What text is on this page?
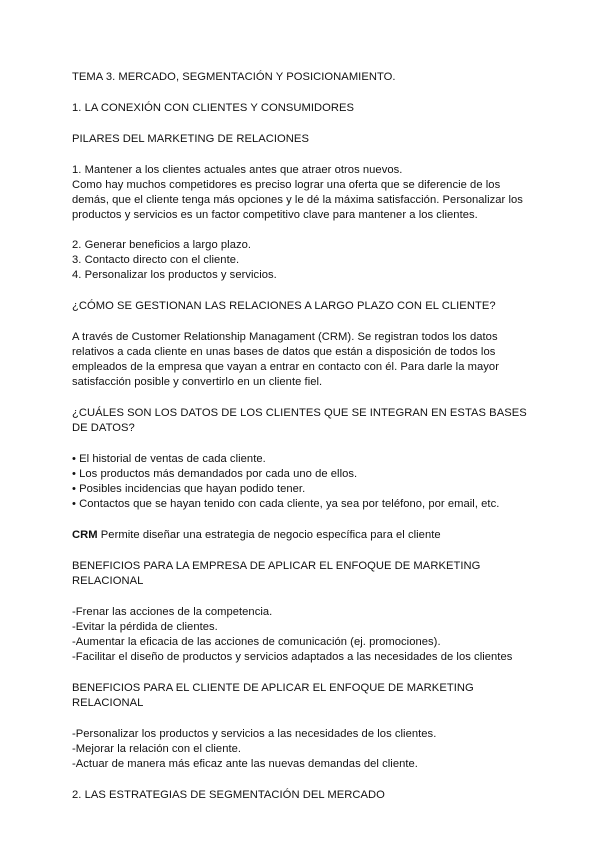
TEMA 3. MERCADO, SEGMENTACIÓN Y POSICIONAMIENTO.

1. LA CONEXIÓN CON CLIENTES Y CONSUMIDORES

PILARES DEL MARKETING DE RELACIONES

1. Mantener a los clientes actuales antes que atraer otros nuevos.
Como hay muchos competidores es preciso lograr una oferta que se diferencie de los
demás, que el cliente tenga más opciones y le dé la máxima satisfacción. Personalizar los
productos y servicios es un factor competitivo clave para mantener a los clientes.
2. Generar beneficios a largo plazo.
3. Contacto directo con el cliente.
4. Personalizar los productos y servicios.

¿CÓMO SE GESTIONAN LAS RELACIONES A LARGO PLAZO CON EL CLIENTE?

A través de Customer Relationship Managament (CRM). Se registran todos los datos
relativos a cada cliente en unas bases de datos que están a disposición de todos los
empleados de la empresa que vayan a entrar en contacto con él. Para darle la mayor
satisfacción posible y convertirlo en un cliente fiel.
¿CUÁLES SON LOS DATOS DE LOS CLIENTES QUE SE INTEGRAN EN ESTAS BASES
DE DATOS?
• El historial de ventas de cada cliente.
• Los productos más demandados por cada uno de ellos.
• Posibles incidencias que hayan podido tener.
• Contactos que se hayan tenido con cada cliente, ya sea por teléfono, por email, etc.

CRM Permite diseñar una estrategia de negocio específica para el cliente

BENEFICIOS PARA LA EMPRESA DE APLICAR EL ENFOQUE DE MARKETING
RELACIONAL
-Frenar las acciones de la competencia.
-Evitar la pérdida de clientes.
-Aumentar la eficacia de las acciones de comunicación (ej. promociones).
-Facilitar el diseño de productos y servicios adaptados a las necesidades de los clientes
BENEFICIOS PARA EL CLIENTE DE APLICAR EL ENFOQUE DE MARKETING
RELACIONAL
-Personalizar los productos y servicios a las necesidades de los clientes.
-Mejorar la relación con el cliente.
-Actuar de manera más eficaz ante las nuevas demandas del cliente.

2. LAS ESTRATEGIAS DE SEGMENTACIÓN DEL MERCADO
